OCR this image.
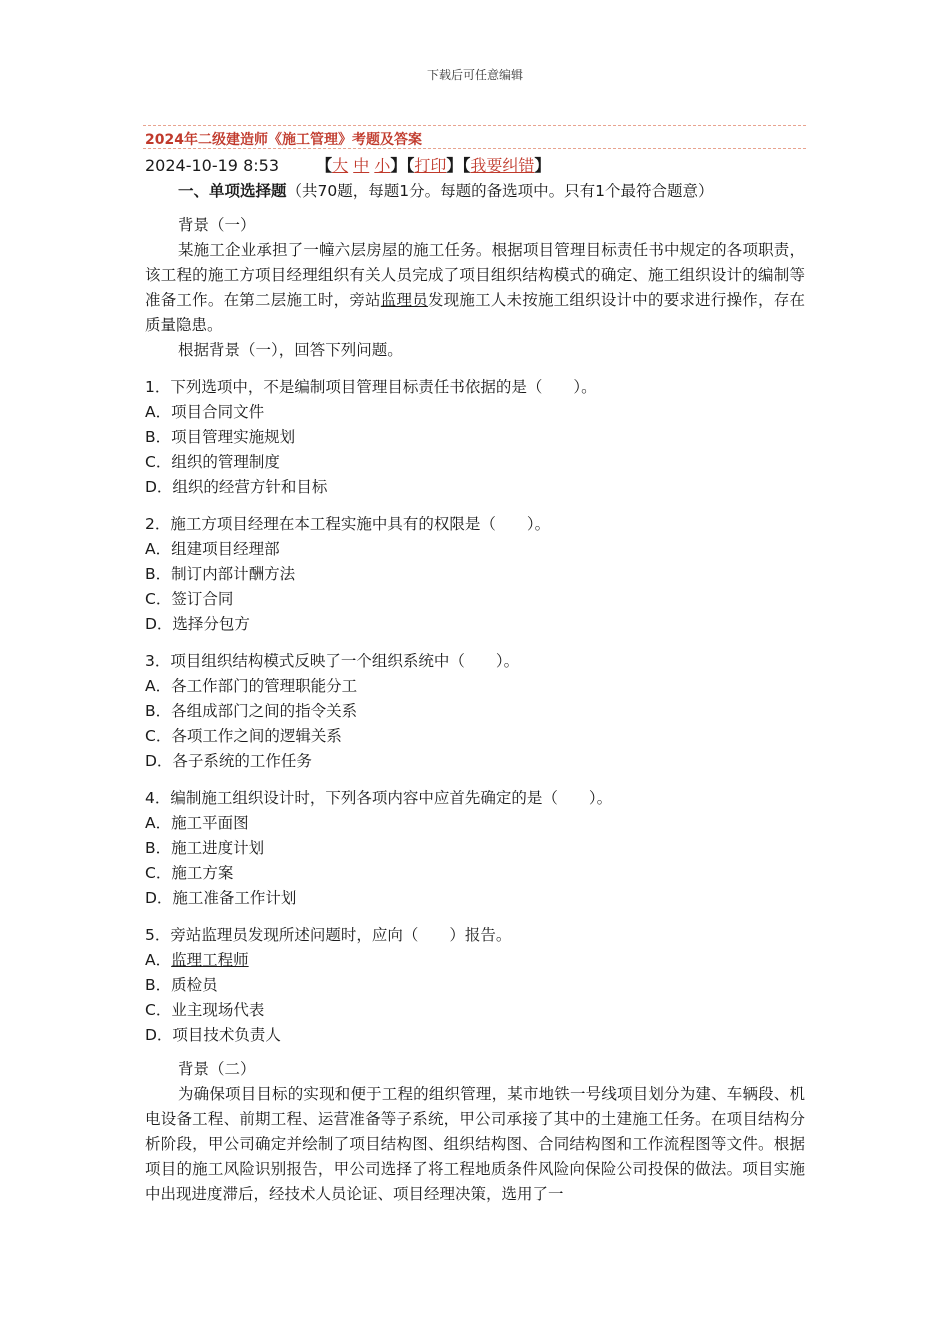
下载后可任意编辑
2024年二级建造师《施工管理》考题及答案
2024-10-19 8:53 【大 中 小】【打印】【我要纠错】

一、单项选择题（共70题，每题1分。每题的备选项中。只有1个最符合题意）

背景（一）

某施工企业承担了一幢六层房屋的施工任务。根据项目管理目标责任书中规定的各项职责，该工程的施工方项目经理组织有关人员完成了项目组织结构模式的确定、施工组织设计的编制等准备工作。在第二层施工时，旁站监理员发现施工人未按施工组织设计中的要求进行操作，存在质量隐患。

根据背景（一），回答下列问题。

1．下列选项中，不是编制项目管理目标责任书依据的是（　　）。

A．项目合同文件

B．项目管理实施规划

C．组织的管理制度

D．组织的经营方针和目标

2．施工方项目经理在本工程实施中具有的权限是（　　）。

A．组建项目经理部

B．制订内部计酬方法

C．签订合同

D．选择分包方

3．项目组织结构模式反映了一个组织系统中（　　）。

A．各工作部门的管理职能分工

B．各组成部门之间的指令关系

C．各项工作之间的逻辑关系

D．各子系统的工作任务

4．编制施工组织设计时，下列各项内容中应首先确定的是（　　）。

A．施工平面图

B．施工进度计划

C．施工方案

D．施工准备工作计划

5．旁站监理员发现所述问题时，应向（　　）报告。

A．监理工程师

B．质检员

C．业主现场代表

D．项目技术负责人

背景（二）

为确保项目目标的实现和便于工程的组织管理，某市地铁一号线项目划分为建、车辆段、机电设备工程、前期工程、运营准备等子系统，甲公司承接了其中的土建施工任务。在项目结构分析阶段，甲公司确定并绘制了项目结构图、组织结构图、合同结构图和工作流程图等文件。根据项目的施工风险识别报告，甲公司选择了将工程地质条件风险向保险公司投保的做法。项目实施中出现进度滞后，经技术人员论证、项目经理决策，选用了一
